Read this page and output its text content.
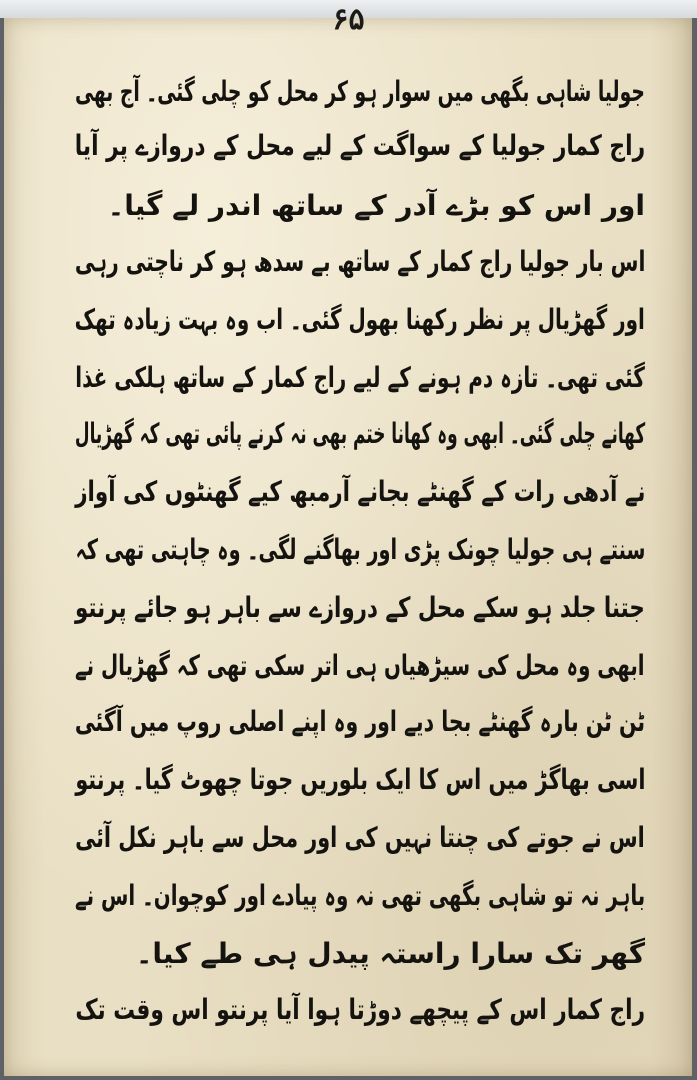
۶۵
جولیا شاہی بگھی میں سوار ہو کر محل کو چلی گئی۔ آج بھی
راج کمار جولیا کے سواگت کے لیے محل کے دروازے پر آیا
اور اس کو بڑے آدر کے ساتھ اندر لے گیا۔
اس بار جولیا راج کمار کے ساتھ بے سدھ ہو کر ناچتی رہی
اور گھڑیال پر نظر رکھنا بھول گئی۔ اب وہ بہت زیادہ تھک
گئی تھی۔ تازہ دم ہونے کے لیے راج کمار کے ساتھ ہلکی غذا
کھانے چلی گئی۔ ابھی وہ کھانا ختم بھی نہ کرنے پائی تھی کہ گھڑیال
نے آدھی رات کے گھنٹے بجانے آرمبھ کیے گھنٹوں کی آواز
سنتے ہی جولیا چونک پڑی اور بھاگنے لگی۔ وہ چاہتی تھی کہ
جتنا جلد ہو سکے محل کے دروازے سے باہر ہو جائے پرنتو
ابھی وہ محل کی سیڑھیاں ہی اتر سکی تھی کہ گھڑیال نے
ٹن ٹن بارہ گھنٹے بجا دیے اور وہ اپنے اصلی روپ میں آگئی
اسی بھاگڑ میں اس کا ایک بلوریں جوتا چھوٹ گیا۔ پرنتو
اس نے جوتے کی چنتا نہیں کی اور محل سے باہر نکل آئی
باہر نہ تو شاہی بگھی تھی نہ وہ پیادے اور کوچوان۔ اس نے
گھر تک سارا راستہ پیدل ہی طے کیا۔
راج کمار اس کے پیچھے دوڑتا ہوا آیا پرنتو اس وقت تک
